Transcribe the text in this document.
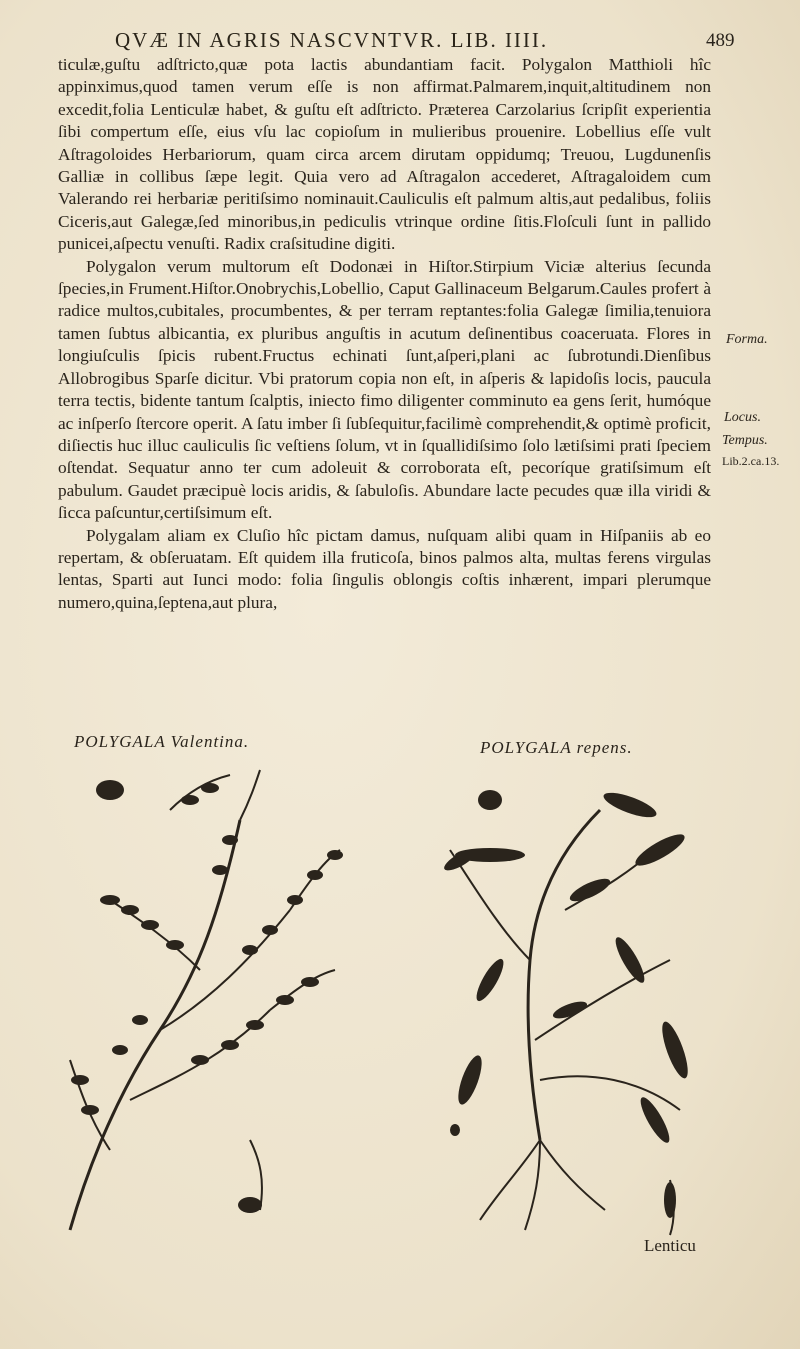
QVÆ IN AGRIS NASCVNTVR. LIB. IIII.	489

ticulæ,guſtu adſtricto,quæ pota lactis abundantiam facit. Polygalon Matthioli hîc appinximus,quod tamen verum eſſe is non affirmat.Palmarem,inquit,altitudinem non excedit,folia Lenticulæ habet, & guſtu eſt adſtricto. Præterea Carzolarius ſcripſit experientia ſibi compertum eſſe, eius vſu lac copioſum in mulieribus prouenire. Lobellius eſſe vult Aſtragoloides Herbariorum, quam circa arcem dirutam oppidumq; Treuou, Lugdunenſis Galliæ in collibus ſæpe legit. Quia vero ad Aſtragalon accederet, Aſtragaloidem cum Valerando rei herbariæ peritiſsimo nominauit.Cauliculis eſt palmum altis,aut pedalibus, foliis Ciceris,aut Galegæ,ſed minoribus,in pediculis vtrinque ordine ſitis.Floſculi ſunt in pallido punicei,aſpectu venuſti. Radix craſsitudine digiti.

Polygalon verum multorum eſt Dodonæi in Hiſtor.Stirpium Viciæ alterius ſecunda ſpecies,in Frument.Hiſtor.Onobrychis,Lobellio, Caput Gallinaceum Belgarum.Caules profert à radice multos,cubitales, procumbentes, & per terram reptantes:folia Galegæ ſimilia,tenuiora tamen ſubtus albicantia, ex pluribus anguſtis in acutum deſinentibus coaceruata. Flores in longiuſculis ſpicis rubent.Fructus echinati ſunt,aſperi,plani ac ſubrotundi.Dienſibus Allobrogibus Sparſe dicitur. Vbi pratorum copia non eſt, in aſperis & lapidoſis locis, paucula terra tectis, bidente tantum ſcalptis, iniecto fimo diligenter comminuto ea gens ſerit, humóque ac inſperſo ſtercore operit. A ſatu imber ſi ſubſequitur,facilimè comprehendit,& optimè proficit, diſiectis huc illuc cauliculis ſic veſtiens ſolum, vt in ſquallidiſsimo ſolo lætiſsimi prati ſpeciem oſtendat. Sequatur anno ter cum adoleuit & corroborata eſt, pecoríque gratiſsimum eſt pabulum. Gaudet præcipuè locis aridis, & ſabuloſis. Abundare lacte pecudes quæ illa viridi & ſicca paſcuntur,certiſsimum eſt.

Polygalam aliam ex Cluſio hîc pictam damus, nuſquam alibi quam in Hiſpaniis ab eo repertam, & obſeruatam. Eſt quidem illa fruticoſa, binos palmos alta, multas ferens virgulas lentas, Sparti aut Iunci modo: folia ſingulis oblongis coſtis inhærent, impari plerumque numero,quina,ſeptena,aut plura,

Forma.
Locus.
Tempus.
Lib.2.ca.13.
POLYGALA Valentina.	POLYGALA repens.
Lenticu
